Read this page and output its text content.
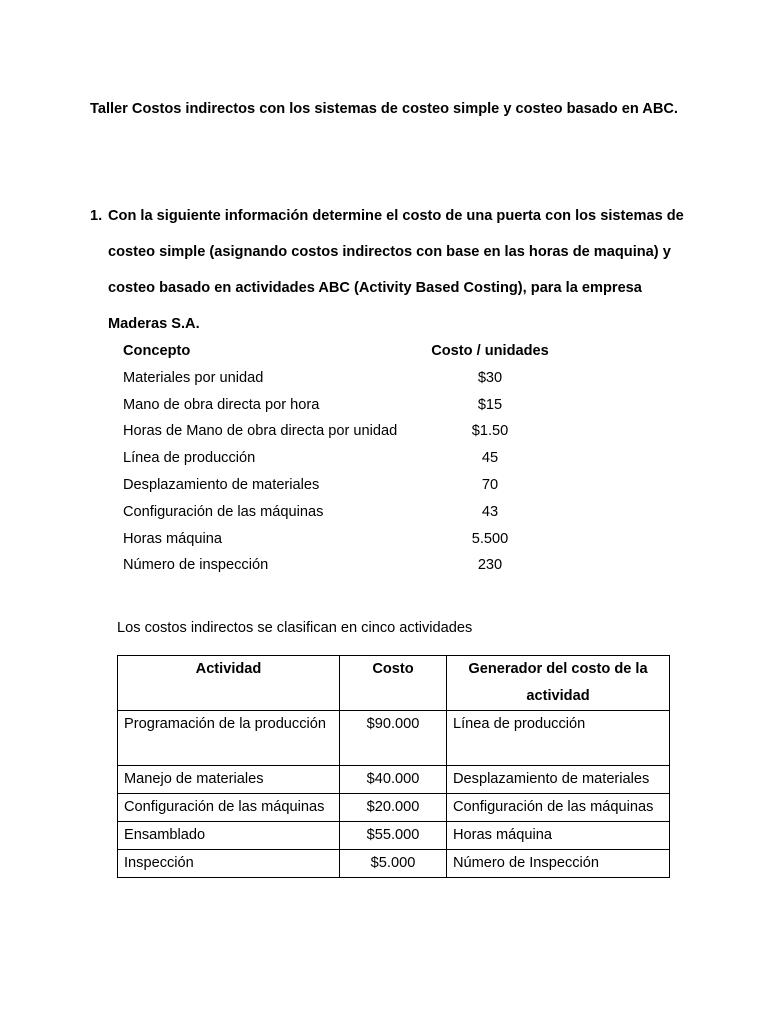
Taller Costos indirectos con los sistemas de costeo simple y costeo basado en ABC.
1. Con la siguiente información determine el costo de una puerta con los sistemas de costeo simple (asignando costos indirectos con base en las horas de maquina) y costeo basado en actividades ABC (Activity Based Costing), para la empresa Maderas S.A.
Concepto	Costo / unidades
Materiales por unidad	$30
Mano de obra directa por hora	$15
Horas de Mano de obra directa por unidad	$1.50
Línea de producción	45
Desplazamiento de materiales	70
Configuración de las máquinas	43
Horas máquina	5.500
Número de inspección	230

Los costos indirectos se clasifican en cinco actividades

Actividad	Costo	Generador del costo de la actividad
Programación de la producción	$90.000	Línea de producción
Manejo de materiales	$40.000	Desplazamiento de materiales
Configuración de las máquinas	$20.000	Configuración de las máquinas
Ensamblado	$55.000	Horas máquina
Inspección	$5.000	Número de Inspección
